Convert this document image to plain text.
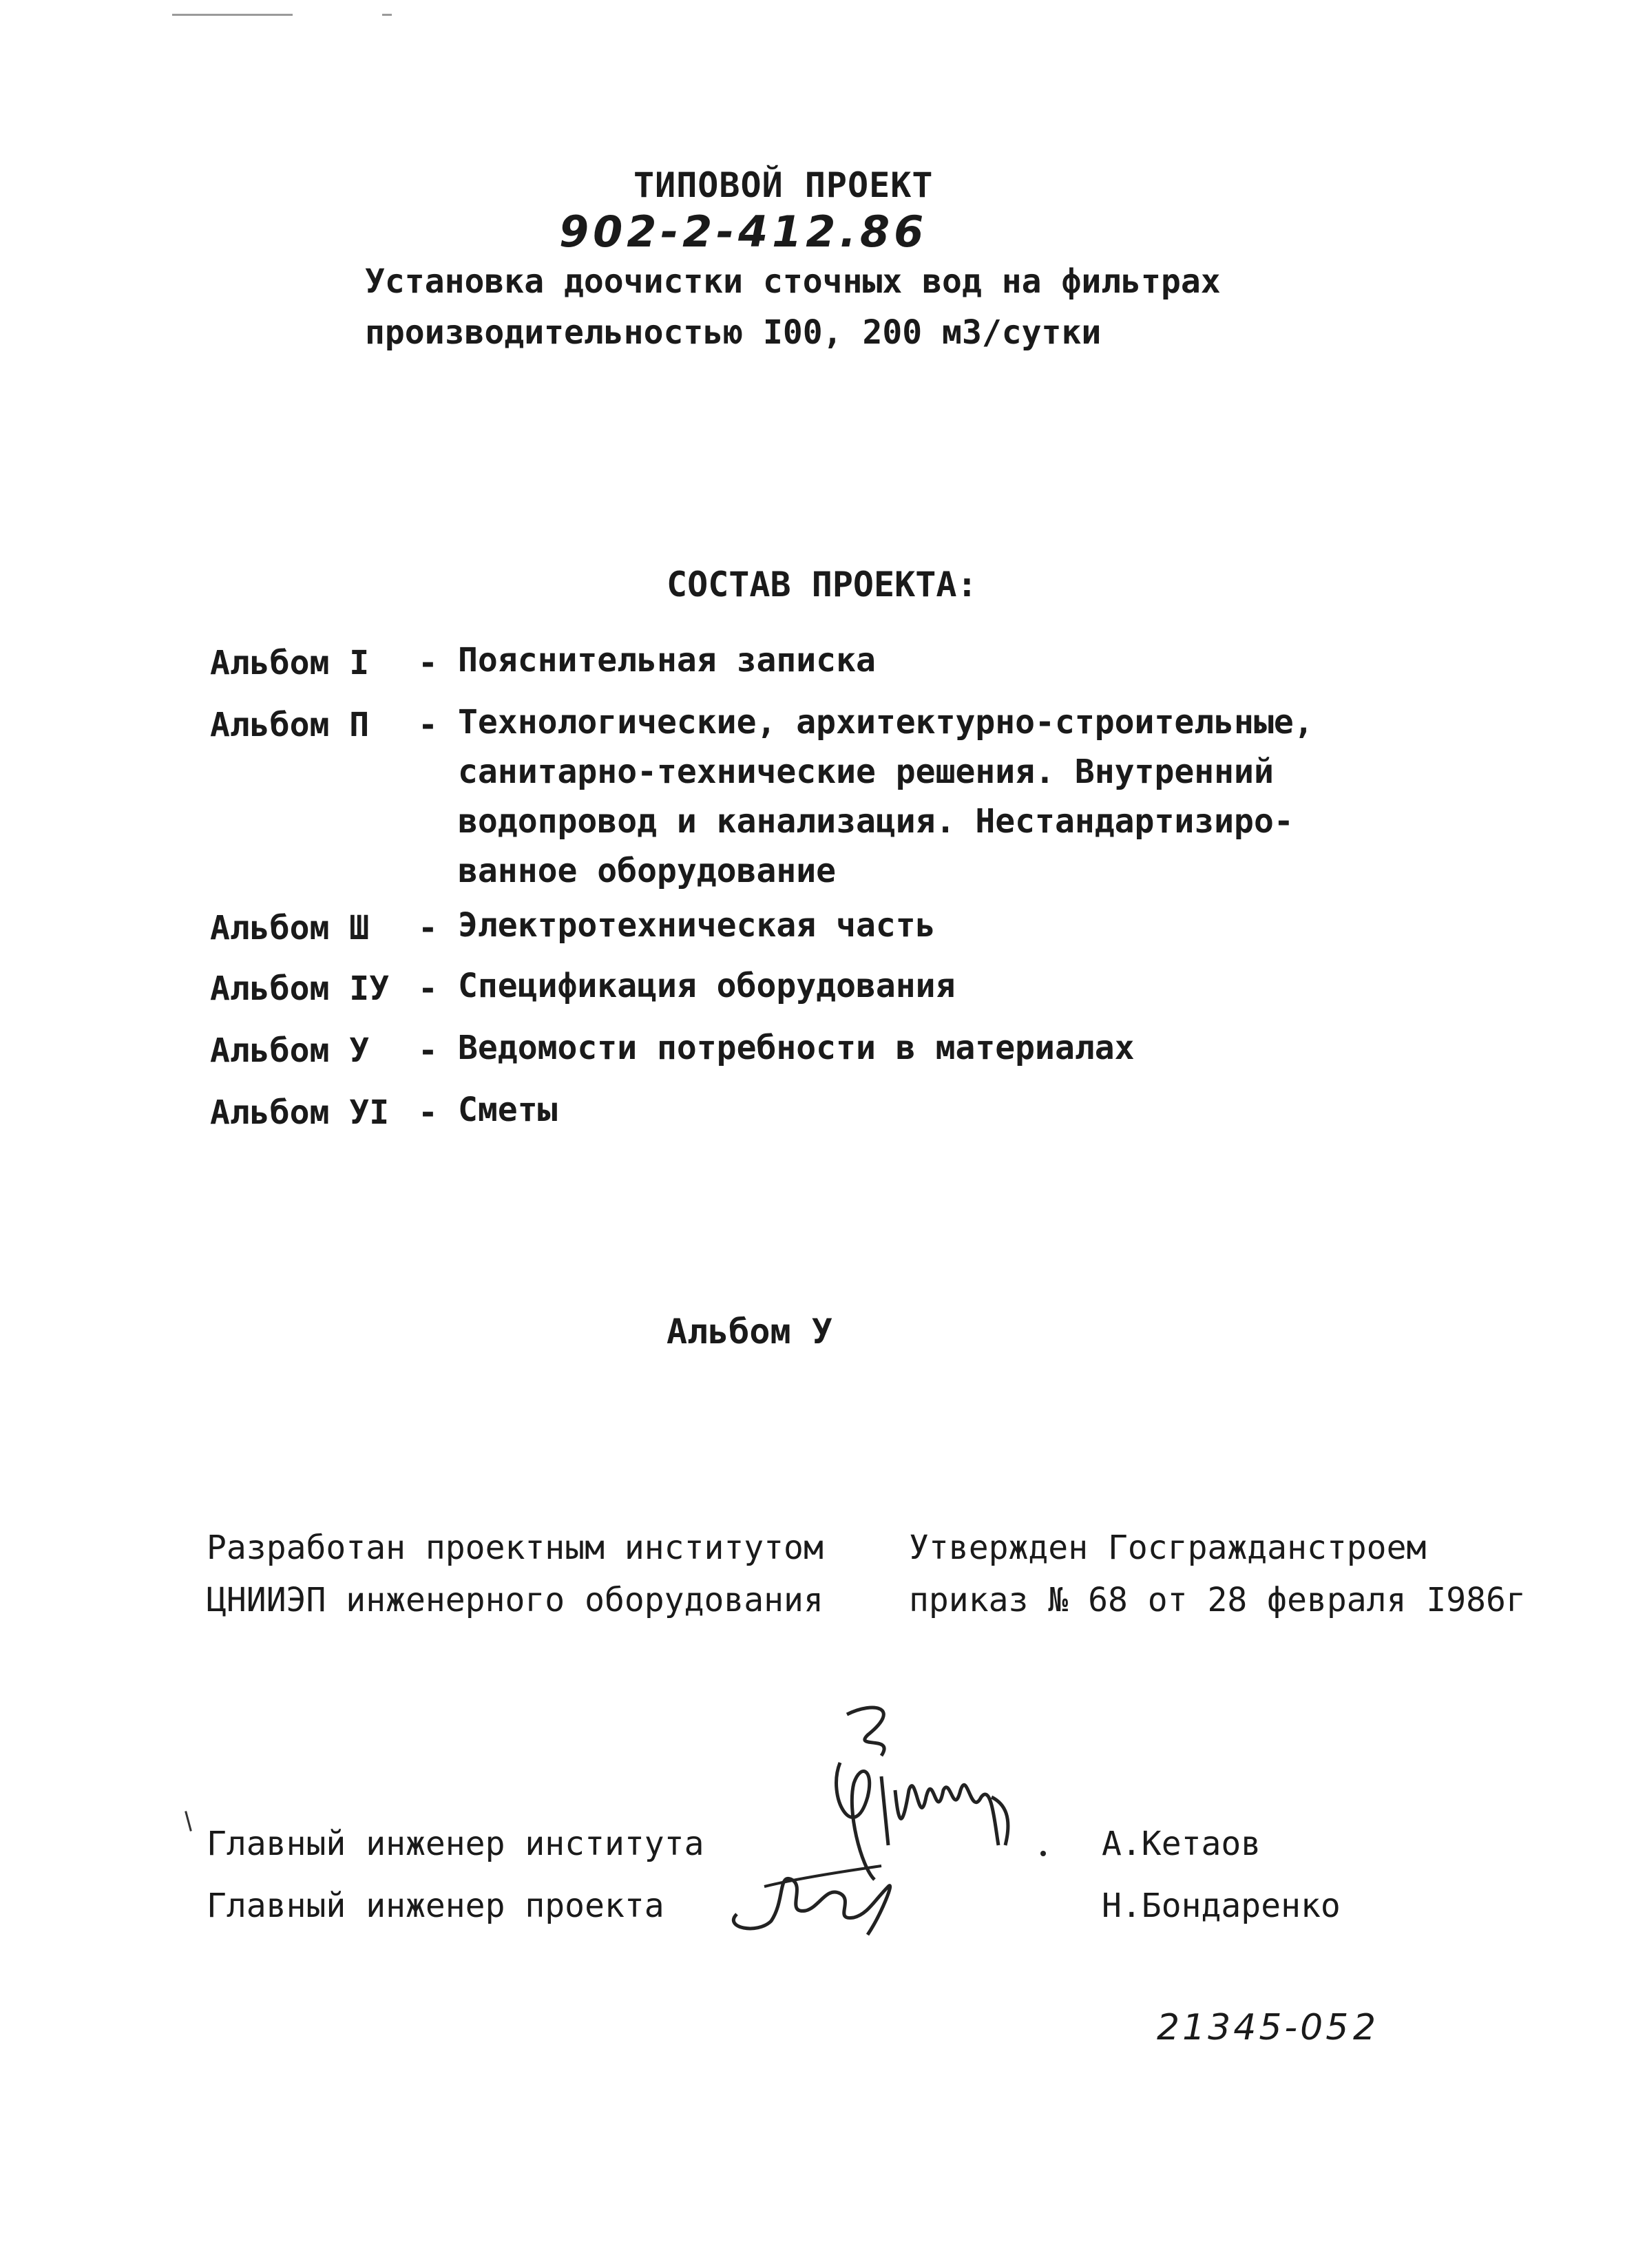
ТИПОВОЙ ПРОЕКТ
902-2-412.86
Установка доочистки сточных вод на фильтрах
производительностью I00, 200 м3/сутки
СОСТАВ ПРОЕКТА:
Альбом I - Пояснительная записка
Альбом П - Технологические, архитектурно-строительные,
санитарно-технические решения. Внутренний
водопровод и канализация. Нестандартизиро-
ванное оборудование
Альбом Ш - Электротехническая часть
Альбом IУ - Спецификация оборудования
Альбом У - Ведомости потребности в материалах
Альбом УI - Сметы
Альбом У
Разработан проектным институтом
ЦНИИЭП инженерного оборудования
Утвержден Госгражданстроем
приказ № 68 от 28 февраля I986г
Главный инженер института
Главный инженер проекта
А.Кетаов
Н.Бондаренко
21345-05 2
